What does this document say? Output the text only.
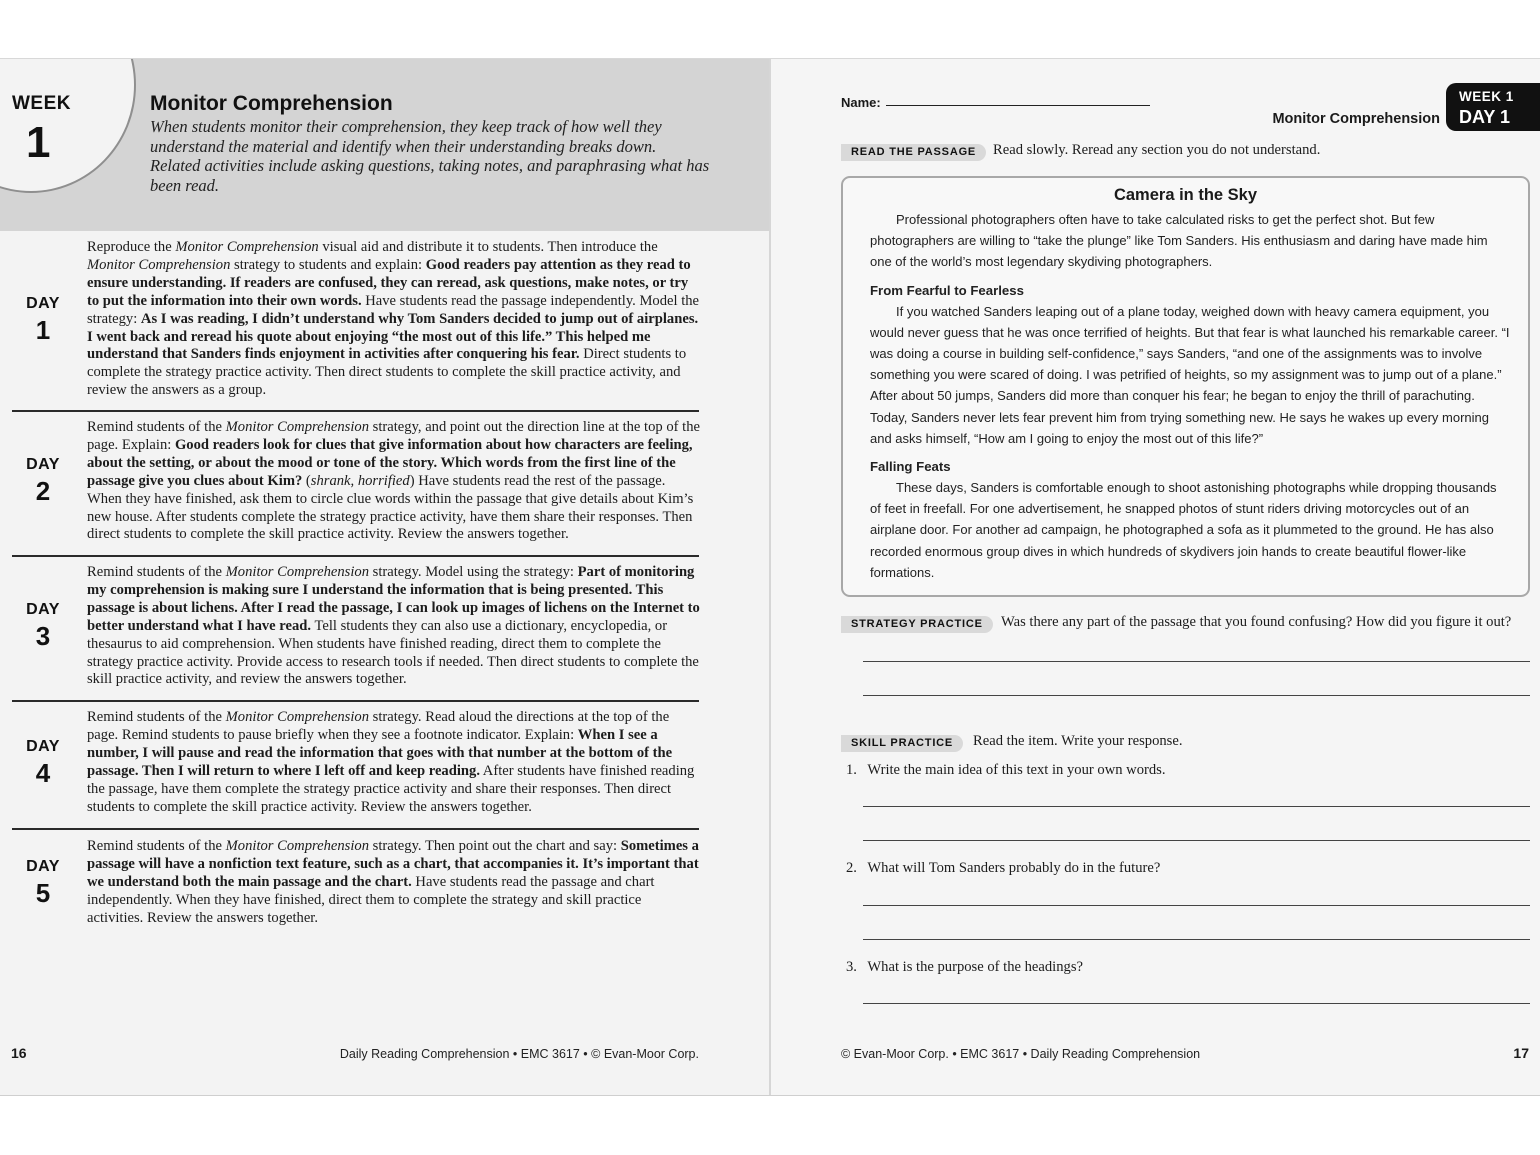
WEEK
1
Monitor Comprehension
When students monitor their comprehension, they keep track of how well they understand the material and identify when their understanding breaks down. Related activities include asking questions, taking notes, and paraphrasing what has been read.
DAY
1
Reproduce the Monitor Comprehension visual aid and distribute it to students. Then introduce the Monitor Comprehension strategy to students and explain: Good readers pay attention as they read to ensure understanding. If readers are confused, they can reread, ask questions, make notes, or try to put the information into their own words. Have students read the passage independently. Model the strategy: As I was reading, I didn’t understand why Tom Sanders decided to jump out of airplanes. I went back and reread his quote about enjoying “the most out of this life.” This helped me understand that Sanders finds enjoyment in activities after conquering his fear. Direct students to complete the strategy practice activity. Then direct students to complete the skill practice activity, and review the answers as a group.
DAY
2
Remind students of the Monitor Comprehension strategy, and point out the direction line at the top of the page. Explain: Good readers look for clues that give information about how characters are feeling, about the setting, or about the mood or tone of the story. Which words from the first line of the passage give you clues about Kim? (shrank, horrified) Have students read the rest of the passage. When they have finished, ask them to circle clue words within the passage that give details about Kim’s new house. After students complete the strategy practice activity, have them share their responses. Then direct students to complete the skill practice activity. Review the answers together.
DAY
3
Remind students of the Monitor Comprehension strategy. Model using the strategy: Part of monitoring my comprehension is making sure I understand the information that is being presented. This passage is about lichens. After I read the passage, I can look up images of lichens on the Internet to better understand what I have read. Tell students they can also use a dictionary, encyclopedia, or thesaurus to aid comprehension. When students have finished reading, direct them to complete the strategy practice activity. Provide access to research tools if needed. Then direct students to complete the skill practice activity, and review the answers together.
DAY
4
Remind students of the Monitor Comprehension strategy. Read aloud the directions at the top of the page. Remind students to pause briefly when they see a footnote indicator. Explain: When I see a number, I will pause and read the information that goes with that number at the bottom of the passage. Then I will return to where I left off and keep reading. After students have finished reading the passage, have them complete the strategy practice activity and share their responses. Then direct students to complete the skill practice activity. Review the answers together.
DAY
5
Remind students of the Monitor Comprehension strategy. Then point out the chart and say: Sometimes a passage will have a nonfiction text feature, such as a chart, that accompanies it. It’s important that we understand both the main passage and the chart. Have students read the passage and chart independently. When they have finished, direct them to complete the strategy and skill practice activities. Review the answers together.
16	Daily Reading Comprehension • EMC 3617 • © Evan-Moor Corp.
Name:	WEEK 1
DAY 1
Monitor Comprehension
READ THE PASSAGE	Read slowly. Reread any section you do not understand.
Camera in the Sky

Professional photographers often have to take calculated risks to get the perfect shot. But few photographers are willing to “take the plunge” like Tom Sanders. His enthusiasm and daring have made him one of the world’s most legendary skydiving photographers.

From Fearful to Fearless

If you watched Sanders leaping out of a plane today, weighed down with heavy camera equipment, you would never guess that he was once terrified of heights. But that fear is what launched his remarkable career. “I was doing a course in building self-confidence,” says Sanders, “and one of the assignments was to involve something you were scared of doing. I was petrified of heights, so my assignment was to jump out of a plane.” After about 50 jumps, Sanders did more than conquer his fear; he began to enjoy the thrill of parachuting. Today, Sanders never lets fear prevent him from trying something new. He says he wakes up every morning and asks himself, “How am I going to enjoy the most out of this life?”

Falling Feats

These days, Sanders is comfortable enough to shoot astonishing photographs while dropping thousands of feet in freefall. For one advertisement, he snapped photos of stunt riders driving motorcycles out of an airplane door. For another ad campaign, he photographed a sofa as it plummeted to the ground. He has also recorded enormous group dives in which hundreds of skydivers join hands to create beautiful flower-like formations.

STRATEGY PRACTICE	Was there any part of the passage that you found confusing? How did you figure it out?
SKILL PRACTICE	Read the item. Write your response.
1. Write the main idea of this text in your own words.
2. What will Tom Sanders probably do in the future?
3. What is the purpose of the headings?
© Evan-Moor Corp. • EMC 3617 • Daily Reading Comprehension	17
